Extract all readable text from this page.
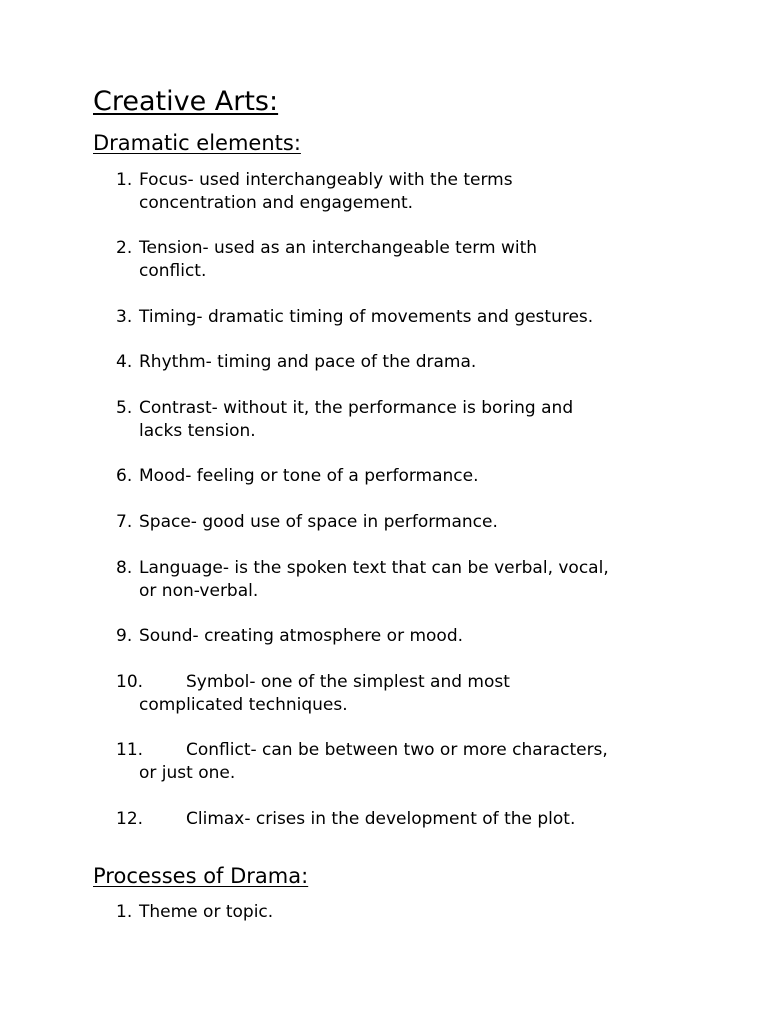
Creative Arts:
Dramatic elements:
1. Focus- used interchangeably with the terms
concentration and engagement.
2. Tension- used as an interchangeable term with
conflict.
3. Timing- dramatic timing of movements and gestures.
4. Rhythm- timing and pace of the drama.
5. Contrast- without it, the performance is boring and
lacks tension.
6. Mood- feeling or tone of a performance.
7. Space- good use of space in performance.
8. Language- is the spoken text that can be verbal, vocal,
or non-verbal.
9. Sound- creating atmosphere or mood.
10.	Symbol- one of the simplest and most
complicated techniques.
11.	Conflict- can be between two or more characters,
or just one.
12.	Climax- crises in the development of the plot.
Processes of Drama:
1. Theme or topic.
